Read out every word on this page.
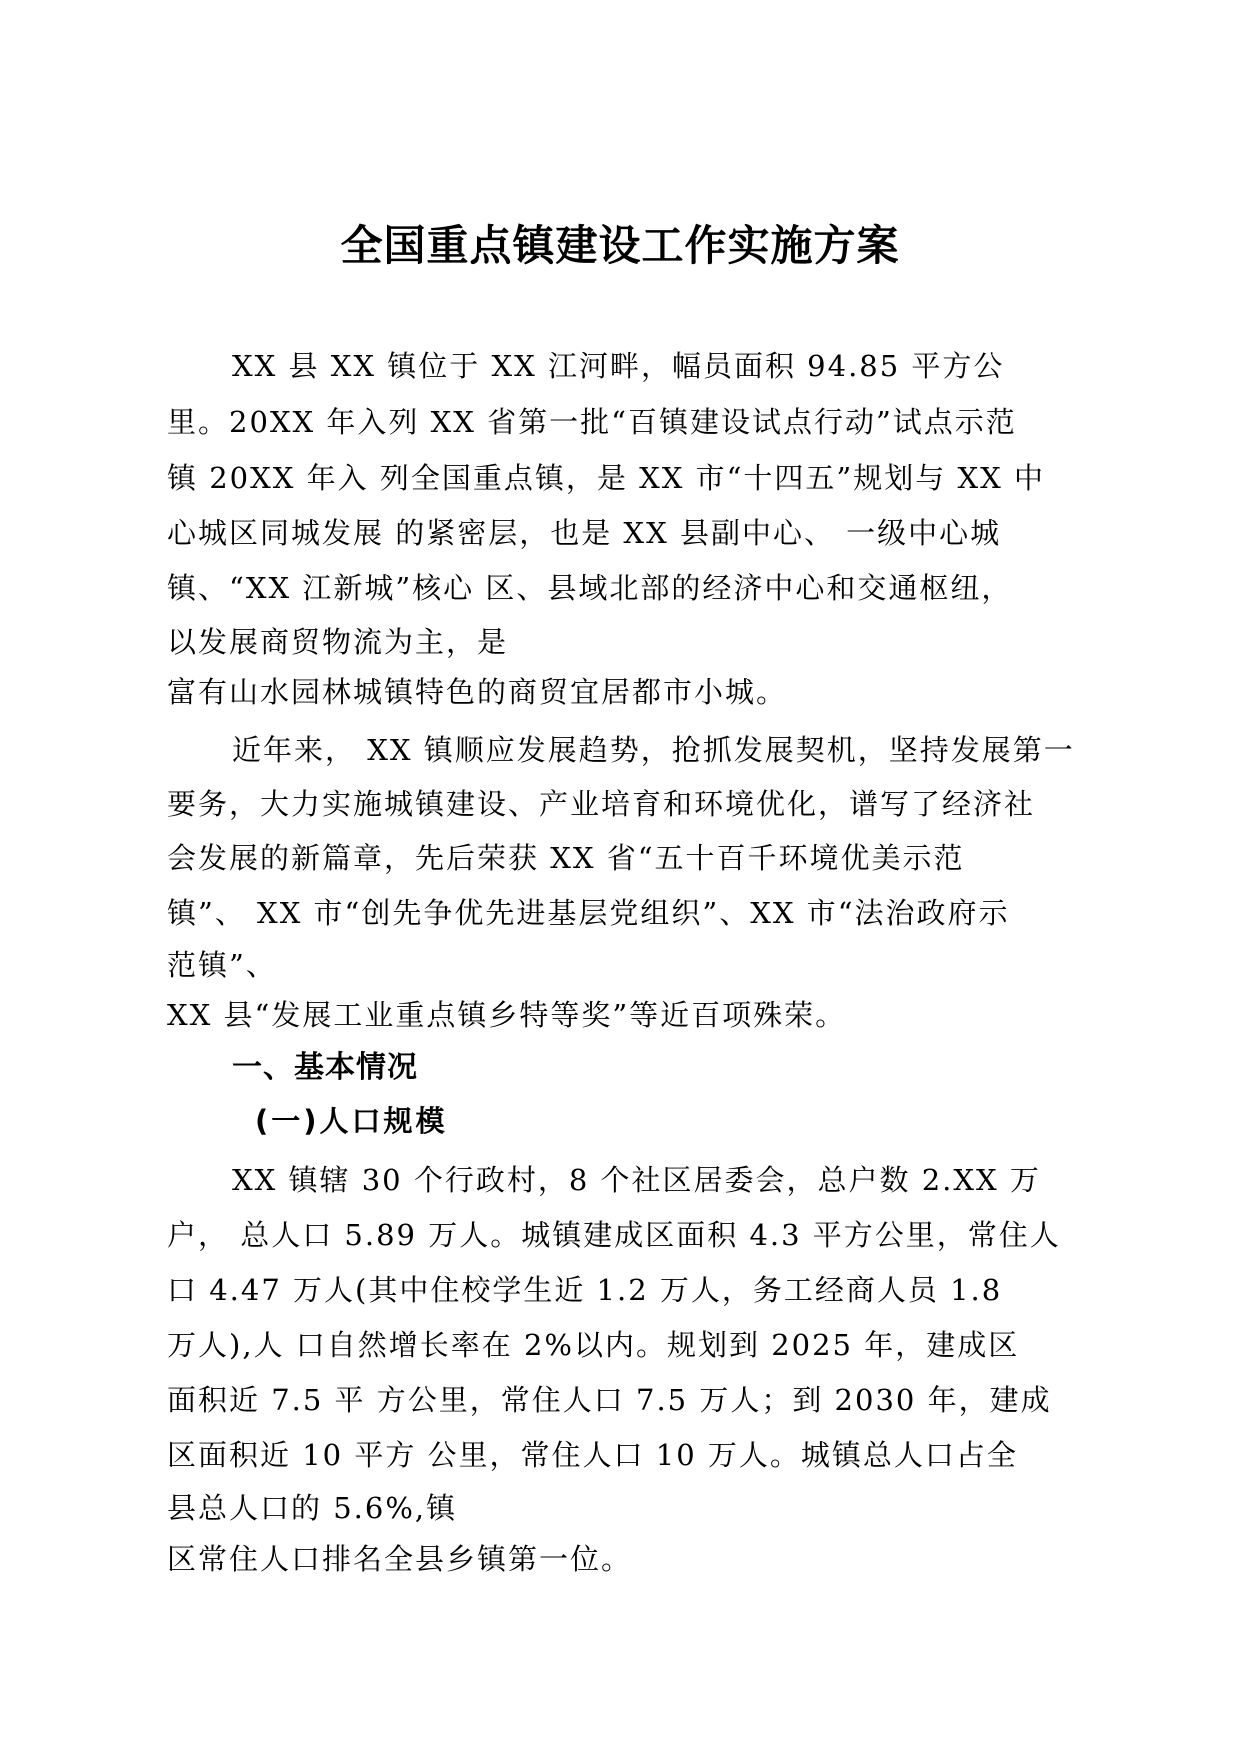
全国重点镇建设工作实施方案
XX 县 XX 镇位于 XX 江河畔，幅员面积 94.85 平方公
里。20XX 年入列 XX 省第一批“百镇建设试点行动”试点示范
镇 20XX 年入 列全国重点镇，是 XX 市“十四五”规划与 XX 中
心城区同城发展 的紧密层，也是 XX 县副中心、 一级中心城
镇、“XX 江新城”核心 区、县域北部的经济中心和交通枢纽，
以发展商贸物流为主，是
富有山水园林城镇特色的商贸宜居都市小城。
近年来， XX 镇顺应发展趋势，抢抓发展契机，坚持发展第一
要务，大力实施城镇建设、产业培育和环境优化，谱写了经济社
会发展的新篇章，先后荣获 XX 省“五十百千环境优美示范
镇”、 XX 市“创先争优先进基层党组织”、XX 市“法治政府示
范镇”、
XX 县“发展工业重点镇乡特等奖”等近百项殊荣。
一、基本情况
(一)人口规模
XX 镇辖 30 个行政村，8 个社区居委会，总户数 2.XX 万
户， 总人口 5.89 万人。城镇建成区面积 4.3 平方公里，常住人
口 4.47 万人(其中住校学生近 1.2 万人，务工经商人员 1.8
万人),人 口自然增长率在 2%以内。规划到 2025 年，建成区
面积近 7.5 平 方公里，常住人口 7.5 万人；到 2030 年，建成
区面积近 10 平方 公里，常住人口 10 万人。城镇总人口占全
县总人口的 5.6%,镇
区常住人口排名全县乡镇第一位。
